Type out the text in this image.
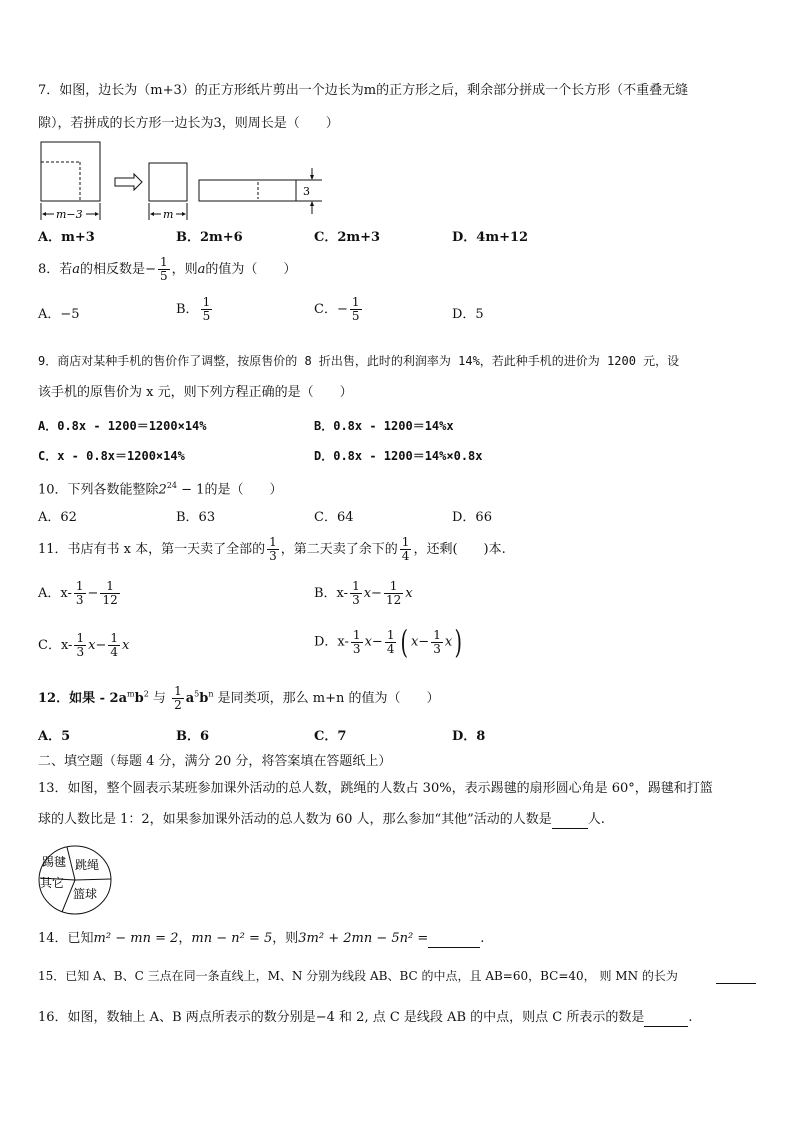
7．如图，边长为（m+3）的正方形纸片剪出一个边长为m的正方形之后，剩余部分拼成一个长方形（不重叠无缝
隙），若拼成的长方形一边长为3，则周长是（　　）
m−3	m
3
A．m+3	B．2m+6	C．2m+3	D．4m+12
8．若a的相反数是− $\frac{1}{5}$ ，则a的值为（　　）
A．−5	B． $\frac{1}{5}$	C．− $\frac{1}{5}$	D．5
9．商店对某种手机的售价作了调整，按原售价的 8 折出售，此时的利润率为 14%，若此种手机的进价为 1200 元，设
该手机的原售价为 x 元，则下列方程正确的是（　　）
A．0.8x - 1200＝1200×14%	B．0.8x - 1200＝14%x
C．x - 0.8x＝1200×14%	D．0.8x - 1200＝14%×0.8x
10．下列各数能整除$2^{24} - 1$的是（　　）
A．62	B．63	C．64	D．66
11．书店有书 x 本，第一天卖了全部的 $\frac{1}{3}$ ，第二天卖了余下的 $\frac{1}{4}$ ，还剩(　　)本.
A．$x- \frac{1}{3} - \frac{1}{12}$	B．$x- \frac{1}{3} x- \frac{1}{12}$ x
C．$x- \frac{1}{3} x- \frac{1}{4}$ x	D．$x- \frac{1}{3} x- \frac{1}{4}$ ( $x- \frac{1}{3} x$)
12．如果 - $2a^mb^2$ 与 $\frac{1}{2} a^5b^n$ 是同类项，那么 m+n 的值为（　　）
A．5	B．6	C．7	D．8
二、填空题（每题 4 分，满分 20 分，将答案填在答题纸上）
13．如图，整个圆表示某班参加课外活动的总人数，跳绳的人数占 30%，表示踢毽的扇形圆心角是 60°，踢毽和打篮
球的人数比是 1：2，如果参加课外活动的总人数为 60 人，那么参加“其他”活动的人数是	人.
踢毽 跳绳
其它
篮球
14．已知m² − mn = 2，mn − n² = 5，则3m² + 2mn − 5n² =	.
15．已知 A、B、C 三点在同一条直线上，M、N 分别为线段 AB、BC 的中点，且 AB=60，BC=40， 则 MN 的长为
16．如图，数轴上 A、B 两点所表示的数分别是−4 和 2, 点 C 是线段 AB 的中点，则点 C 所表示的数是	.
